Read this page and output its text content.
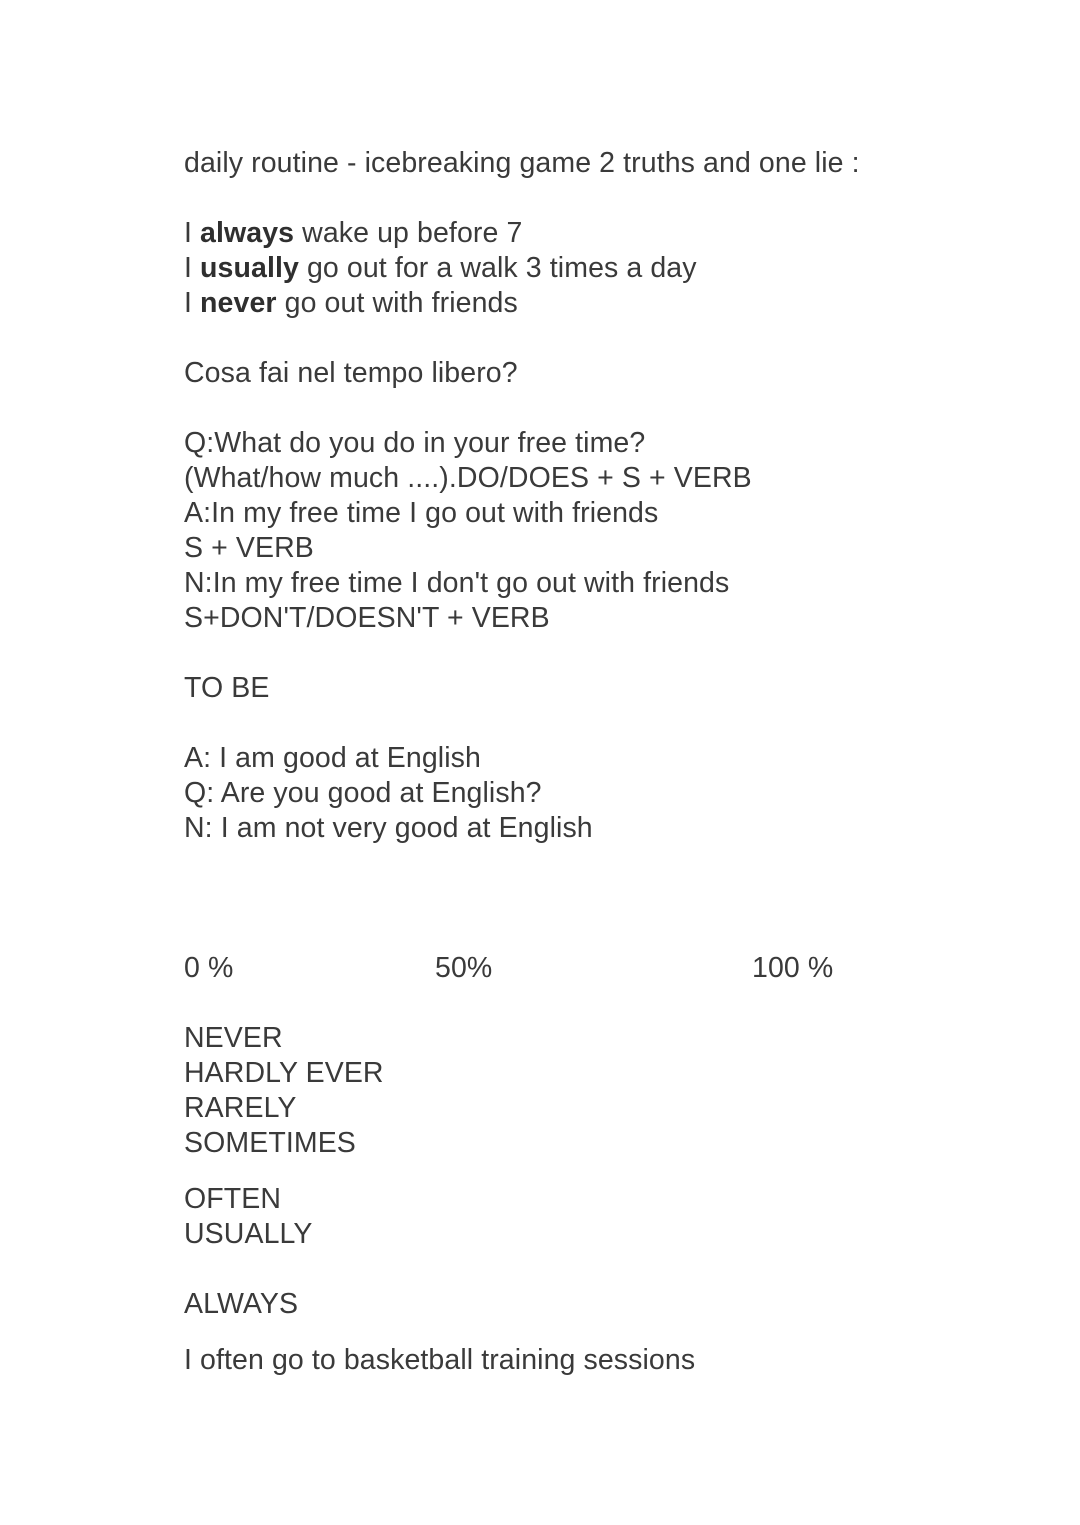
daily routine - icebreaking game 2 truths and one lie :
I always wake up before 7
I usually go out for a walk 3 times a day
I never go out with friends
Cosa fai nel tempo libero?
Q:What do you do in your free time?
(What/how much ....).DO/DOES + S + VERB
A:In my free time I go out with friends
S + VERB
N:In my free time I don't go out with friends
S+DON'T/DOESN'T + VERB
TO BE
A: I am good at English
Q: Are you good at English?
N: I am not very good at English
0 %	50%	100 %
NEVER
HARDLY EVER
RARELY
SOMETIMES
OFTEN
USUALLY
ALWAYS
I often go to basketball training sessions
